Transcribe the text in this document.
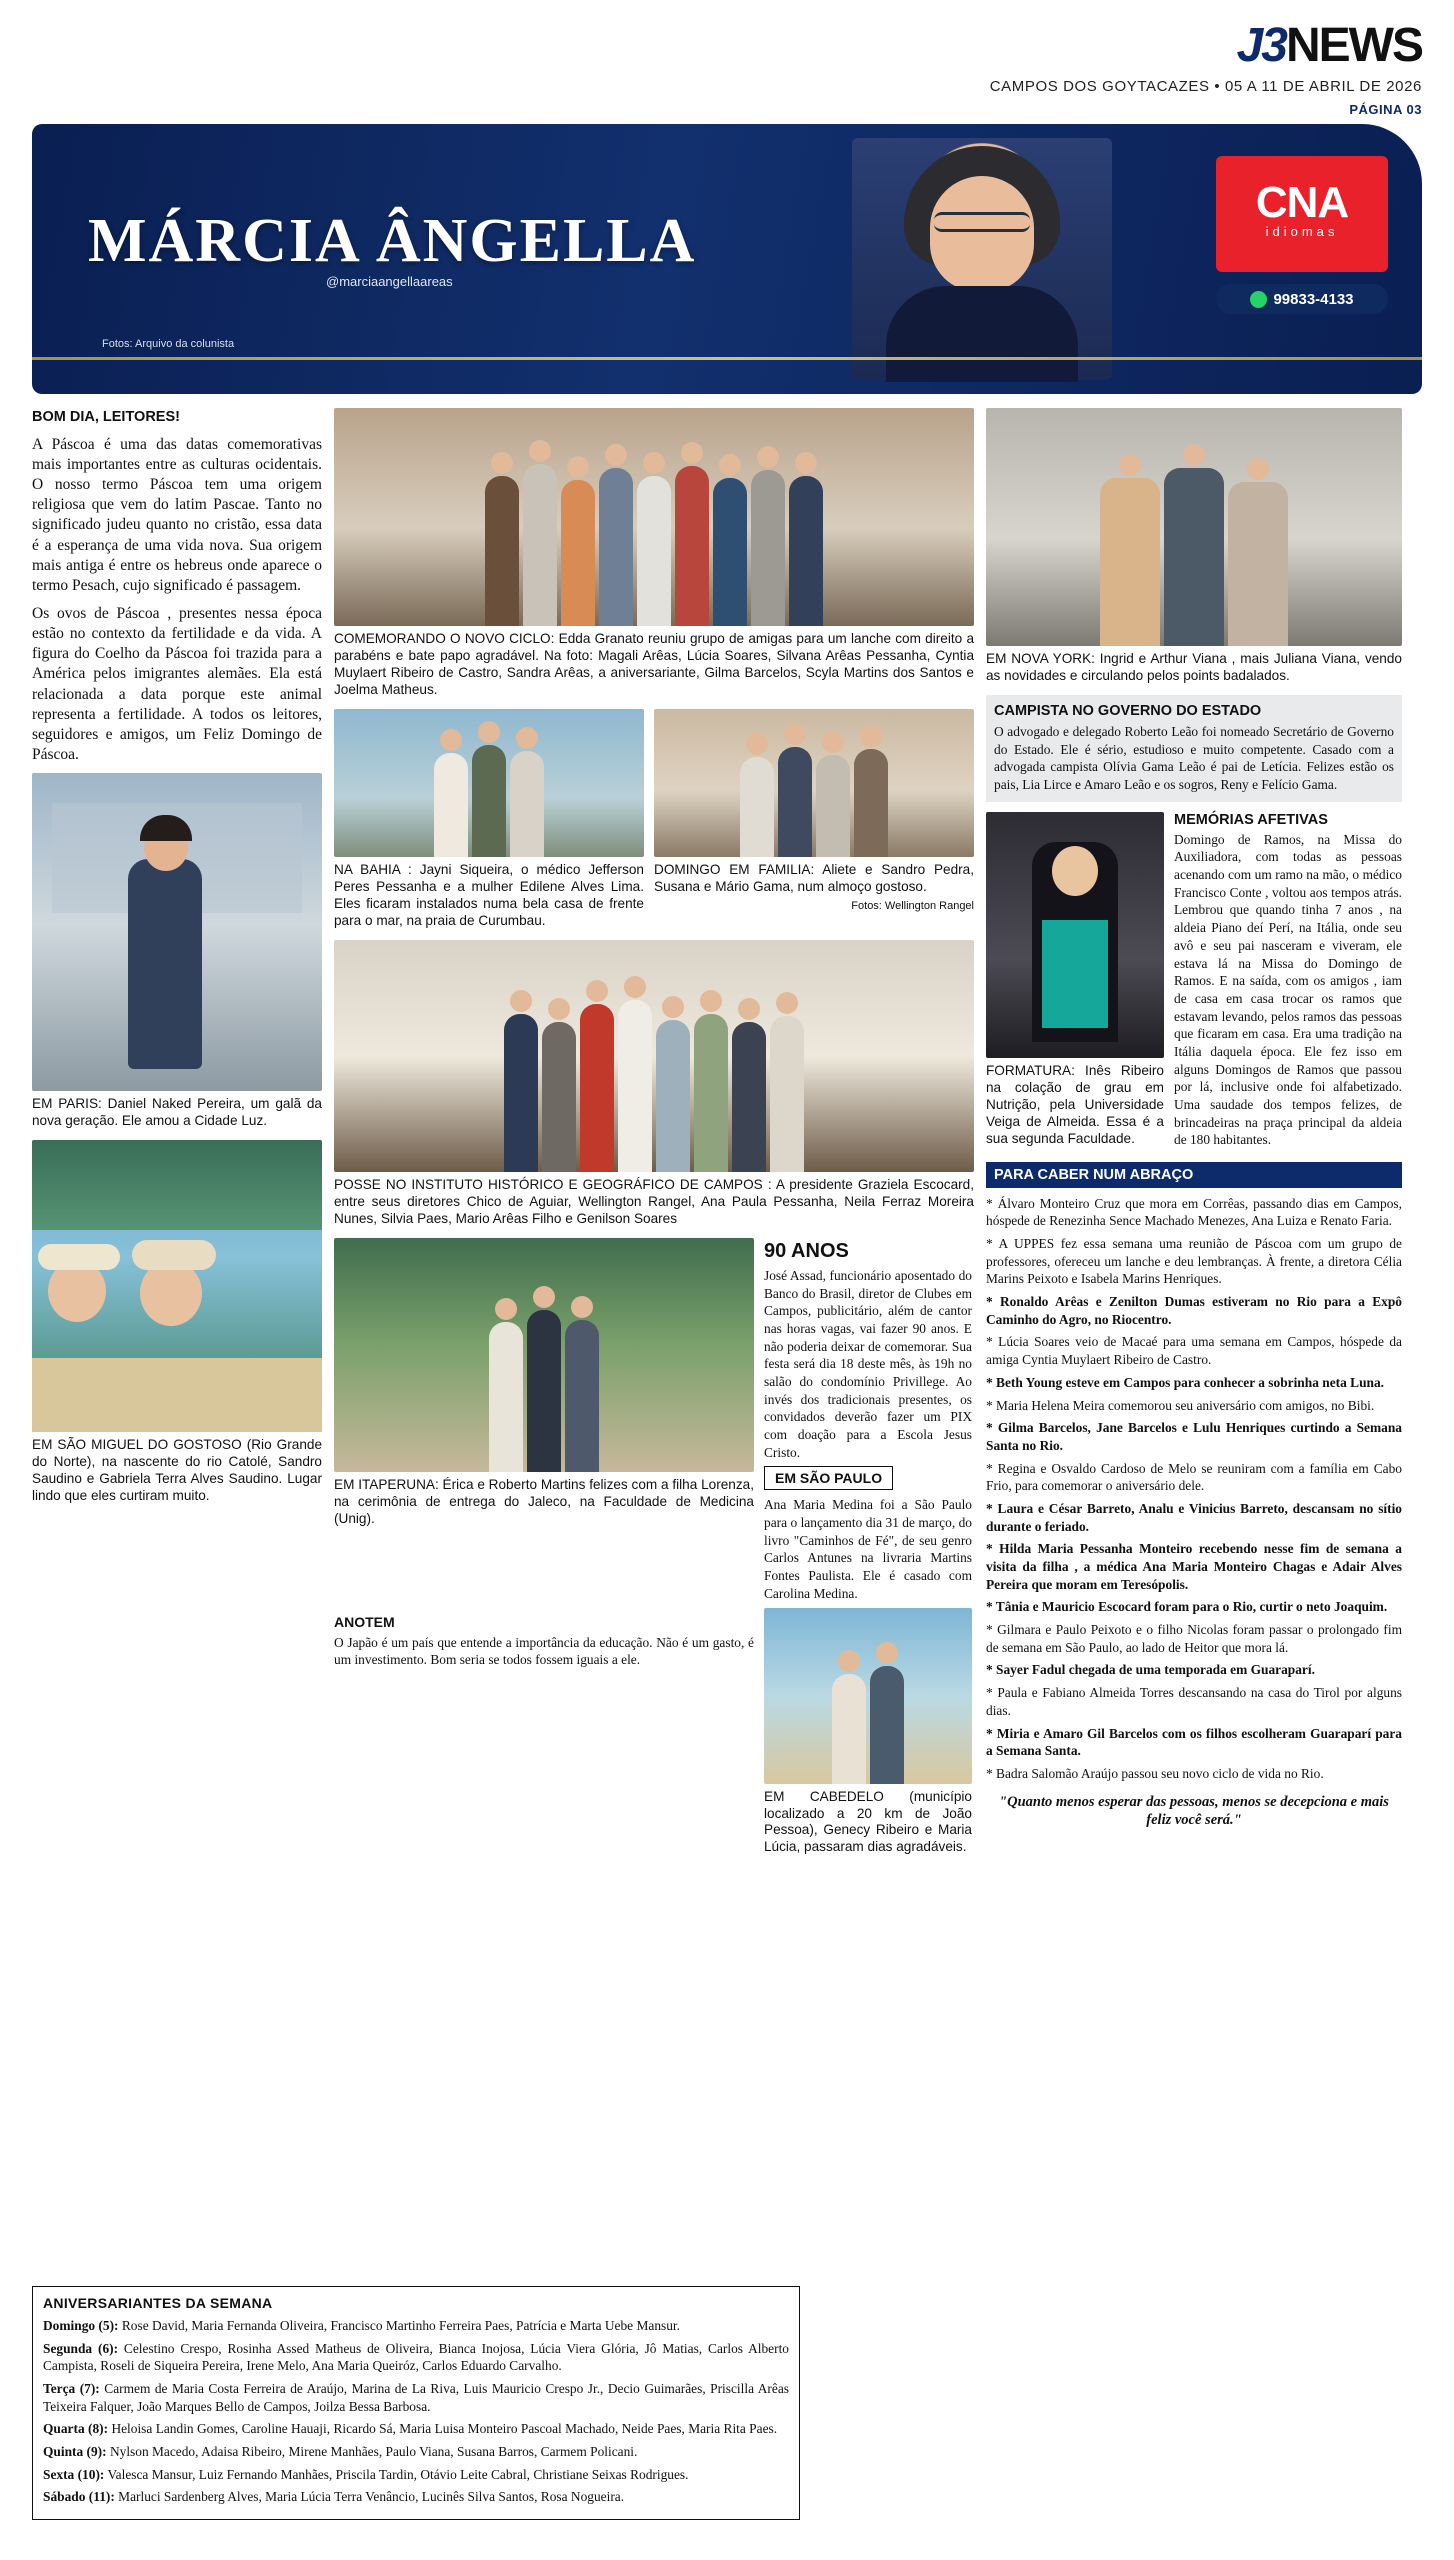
J3NEWS
CAMPOS DOS GOYTACAZES • 05 A 11 DE ABRIL DE 2026
PÁGINA 03
MÁRCIA ÂNGELLA
@marciaangellaareas
Fotos: Arquivo da colunista
CNA
idiomas
99833-4133

BOM DIA, LEITORES!

A Páscoa é uma das datas comemorativas mais importantes entre as culturas ocidentais. O nosso termo Páscoa tem uma origem religiosa que vem do latim Pascae. Tanto no significado judeu quanto no cristão, essa data é a esperança de uma vida nova. Sua origem mais antiga é entre os hebreus onde aparece o termo Pesach, cujo significado é passagem.

Os ovos de Páscoa , presentes nessa época estão no contexto da fertilidade e da vida. A figura do Coelho da Páscoa foi trazida para a América pelos imigrantes alemães. Ela está relacionada a data porque este animal representa a fertilidade. A todos os leitores, seguidores e amigos, um Feliz Domingo de Páscoa.

EM PARIS: Daniel Naked Pereira, um galã da nova geração. Ele amou a Cidade Luz.
EM SÃO MIGUEL DO GOSTOSO (Rio Grande do Norte), na nascente do rio Catolé, Sandro Saudino e Gabriela Terra Alves Saudino. Lugar lindo que eles curtiram muito.
COMEMORANDO O NOVO CICLO: Edda Granato reuniu grupo de amigas para um lanche com direito a parabéns e bate papo agradável. Na foto: Magali Arêas, Lúcia Soares, Silvana Arêas Pessanha, Cyntia Muylaert Ribeiro de Castro, Sandra Arêas, a aniversariante, Gilma Barcelos, Scyla Martins dos Santos e Joelma Matheus.
NA BAHIA : Jayni Siqueira, o médico Jefferson Peres Pessanha e a mulher Edilene Alves Lima. Eles ficaram instalados numa bela casa de frente para o mar, na praia de Curumbau.
DOMINGO EM FAMILIA: Aliete e Sandro Pedra, Susana e Mário Gama, num almoço gostoso.
Fotos: Wellington Rangel
POSSE NO INSTITUTO HISTÓRICO E GEOGRÁFICO DE CAMPOS : A presidente Graziela Escocard, entre seus diretores Chico de Aguiar, Wellington Rangel, Ana Paula Pessanha, Neila Ferraz Moreira Nunes, Silvia Paes, Mario Arêas Filho e Genilson Soares
EM ITAPERUNA: Érica e Roberto Martins felizes com a filha Lorenza, na cerimônia de entrega do Jaleco, na Faculdade de Medicina (Unig).
90 ANOS
José Assad, funcionário aposentado do Banco do Brasil, diretor de Clubes em Campos, publicitário, além de cantor nas horas vagas, vai fazer 90 anos. E não poderia deixar de comemorar. Sua festa será dia 18 deste mês, às 19h no salão do condomínio Privillege. Ao invés dos tradicionais presentes, os convidados deverão fazer um PIX com doação para a Escola Jesus Cristo.
EM SÃO PAULO
Ana Maria Medina foi a São Paulo para o lançamento dia 31 de março, do livro "Caminhos de Fé", de seu genro Carlos Antunes na livraria Martins Fontes Paulista. Ele é casado com Carolina Medina.
ANOTEM
O Japão é um país que entende a importância da educação. Não é um gasto, é um investimento. Bom seria se todos fossem iguais a ele.
EM CABEDELO (município localizado a 20 km de João Pessoa), Genecy Ribeiro e Maria Lúcia, passaram dias agradáveis.
EM NOVA YORK: Ingrid e Arthur Viana , mais Juliana Viana, vendo as novidades e circulando pelos points badalados.
CAMPISTA NO GOVERNO DO ESTADO
O advogado e delegado Roberto Leão foi nomeado Secretário de Governo do Estado. Ele é sério, estudioso e muito competente. Casado com a advogada campista Olívia Gama Leão é pai de Letícia. Felizes estão os pais, Lia Lirce e Amaro Leão e os sogros, Reny e Felício Gama.
FORMATURA: Inês Ribeiro na colação de grau em Nutrição, pela Universidade Veiga de Almeida. Essa é a sua segunda Faculdade.
MEMÓRIAS AFETIVAS
Domingo de Ramos, na Missa do Auxiliadora, com todas as pessoas acenando com um ramo na mão, o médico Francisco Conte , voltou aos tempos atrás. Lembrou que quando tinha 7 anos , na aldeia Piano deí Perí, na Itália, onde seu avô e seu pai nasceram e viveram, ele estava lá na Missa do Domingo de Ramos. E na saída, com os amigos , iam de casa em casa trocar os ramos que estavam levando, pelos ramos das pessoas que ficaram em casa. Era uma tradição na Itália daquela época. Ele fez isso em alguns Domingos de Ramos que passou por lá, inclusive onde foi alfabetizado. Uma saudade dos tempos felizes, de brincadeiras na praça principal da aldeia de 180 habitantes.
PARA CABER NUM ABRAÇO
* Álvaro Monteiro Cruz que mora em Corrêas, passando dias em Campos, hóspede de Renezinha Sence Machado Menezes, Ana Luiza e Renato Faria.
* A UPPES fez essa semana uma reunião de Páscoa com um grupo de professores, ofereceu um lanche e deu lembranças. À frente, a diretora Célia Marins Peixoto e Isabela Marins Henriques.
* Ronaldo Arêas e Zenilton Dumas estiveram no Rio para a Expô Caminho do Agro, no Riocentro.
* Lúcia Soares veio de Macaé para uma semana em Campos, hóspede da amiga Cyntia Muylaert Ribeiro de Castro.
* Beth Young esteve em Campos para conhecer a sobrinha neta Luna.
* Maria Helena Meira comemorou seu aniversário com amigos, no Bibi.
* Gilma Barcelos, Jane Barcelos e Lulu Henriques curtindo a Semana Santa no Rio.
* Regina e Osvaldo Cardoso de Melo se reuniram com a família em Cabo Frio, para comemorar o aniversário dele.
* Laura e César Barreto, Analu e Vinicius Barreto, descansam no sítio durante o feriado.
* Hilda Maria Pessanha Monteiro recebendo nesse fim de semana a visita da filha , a médica Ana Maria Monteiro Chagas e Adair Alves Pereira que moram em Teresópolis.
* Tânia e Mauricio Escocard foram para o Rio, curtir o neto Joaquim.
* Gilmara e Paulo Peixoto e o filho Nicolas foram passar o prolongado fim de semana em São Paulo, ao lado de Heitor que mora lá.
* Sayer Fadul chegada de uma temporada em Guaraparí.
* Paula e Fabiano Almeida Torres descansando na casa do Tirol por alguns dias.
* Miria e Amaro Gil Barcelos com os filhos escolheram Guaraparí para a Semana Santa.
* Badra Salomão Araújo passou seu novo ciclo de vida no Rio.
"Quanto menos esperar das pessoas, menos se decepciona e mais feliz você será."
ANIVERSARIANTES DA SEMANA
Domingo (5): Rose David, Maria Fernanda Oliveira, Francisco Martinho Ferreira Paes, Patrícia e Marta Uebe Mansur.
Segunda (6): Celestino Crespo, Rosinha Assed Matheus de Oliveira, Bianca Inojosa, Lúcia Viera Glória, Jô Matias, Carlos Alberto Campista, Roseli de Siqueira Pereira, Irene Melo, Ana Maria Queiróz, Carlos Eduardo Carvalho.
Terça (7): Carmem de Maria Costa Ferreira de Araújo, Marina de La Riva, Luis Mauricio Crespo Jr., Decio Guimarães, Priscilla Arêas Teixeira Falquer, João Marques Bello de Campos, Joilza Bessa Barbosa.
Quarta (8): Heloisa Landin Gomes, Caroline Hauaji, Ricardo Sá, Maria Luisa Monteiro Pascoal Machado, Neide Paes, Maria Rita Paes.
Quinta (9): Nylson Macedo, Adaisa Ribeiro, Mirene Manhães, Paulo Viana, Susana Barros, Carmem Policani.
Sexta (10): Valesca Mansur, Luiz Fernando Manhães, Priscila Tardin, Otávio Leite Cabral, Christiane Seixas Rodrigues.
Sábado (11): Marluci Sardenberg Alves, Maria Lúcia Terra Venâncio, Lucinês Silva Santos, Rosa Nogueira.
